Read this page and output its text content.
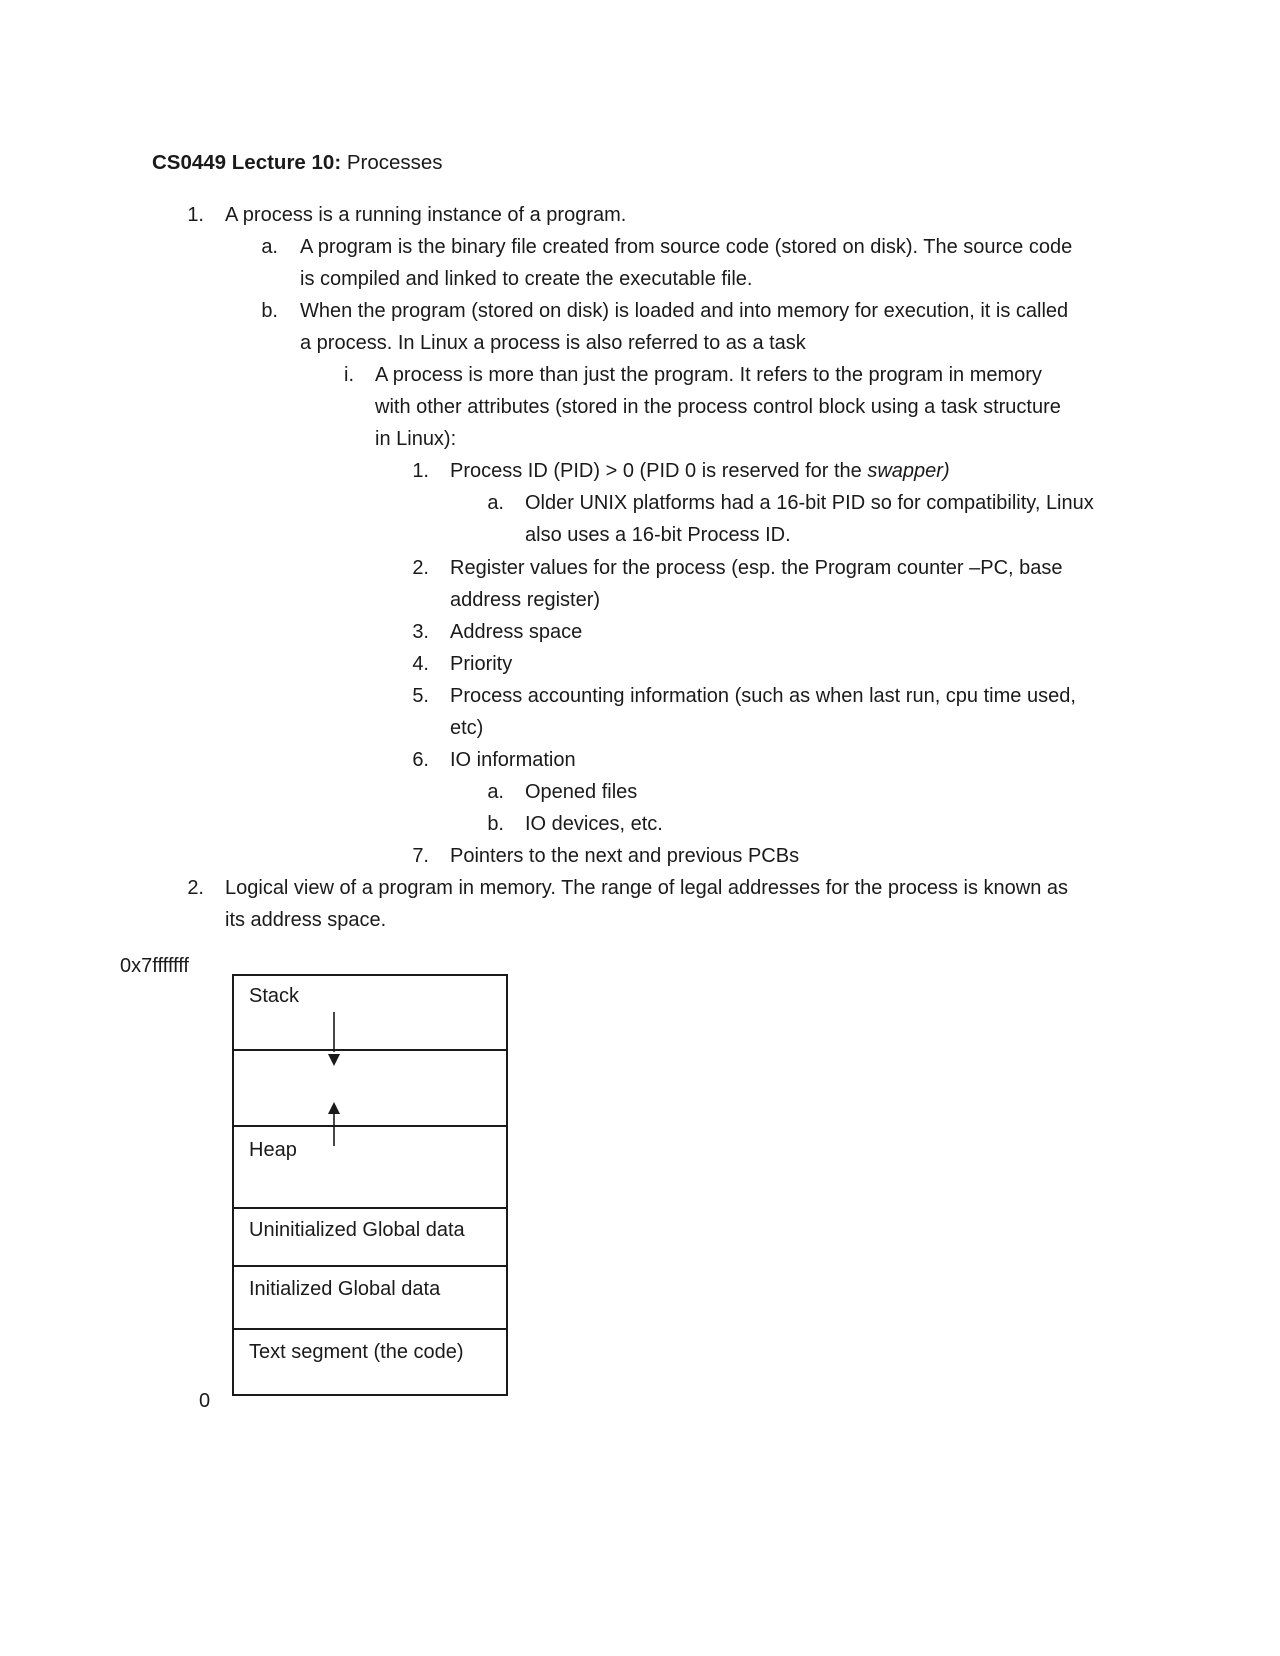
CS0449 Lecture 10: Processes
1. A process is a running instance of a program.
a. A program is the binary file created from source code (stored on disk). The source code
is compiled and linked to create the executable file.
b. When the program (stored on disk) is loaded and into memory for execution, it is called
a process. In Linux a process is also referred to as a task
i. A process is more than just the program. It refers to the program in memory
with other attributes (stored in the process control block using a task structure
in Linux):
1. Process ID (PID) > 0 (PID 0 is reserved for the swapper)
a. Older UNIX platforms had a 16-bit PID so for compatibility, Linux
also uses a 16-bit Process ID.
2. Register values for the process (esp. the Program counter –PC, base
address register)
3. Address space
4. Priority
5. Process accounting information (such as when last run, cpu time used,
etc)
6. IO information
a. Opened files
b. IO devices, etc.
7. Pointers to the next and previous PCBs
2. Logical view of a program in memory. The range of legal addresses for the process is known as
its address space.
0x7fffffff
0
Stack
Heap
Uninitialized Global data
Initialized Global data
Text segment (the code)
